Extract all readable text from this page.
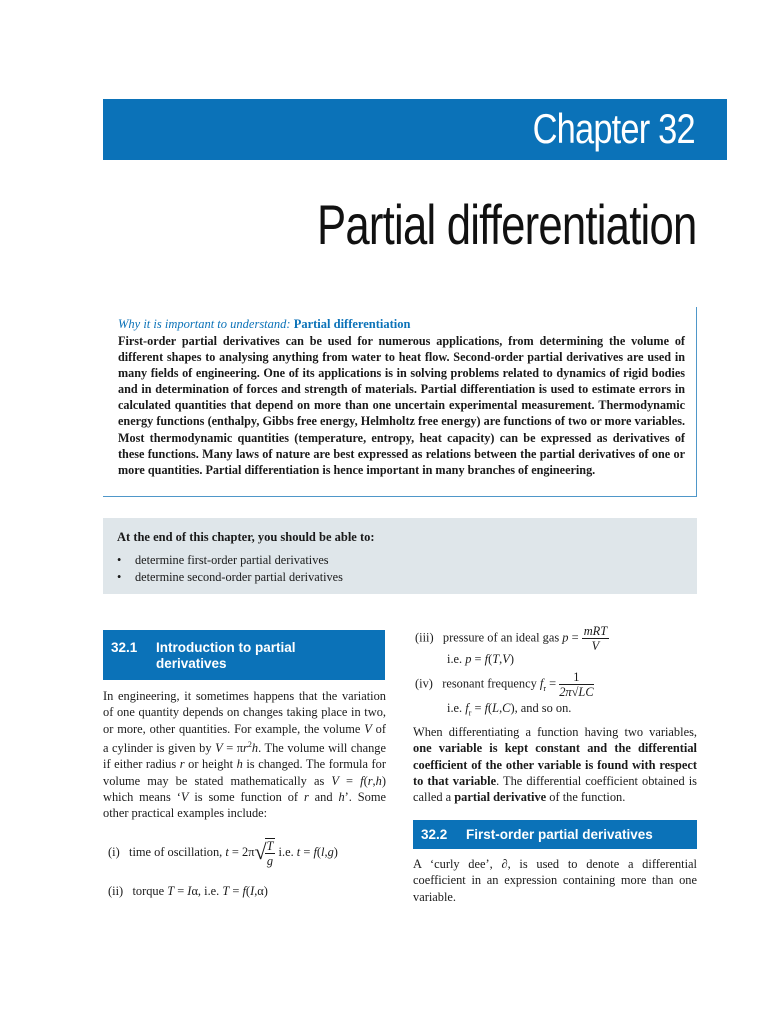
Chapter 32
Partial differentiation
Why it is important to understand: Partial differentiation
First-order partial derivatives can be used for numerous applications, from determining the volume of different shapes to analysing anything from water to heat flow. Second-order partial derivatives are used in many fields of engineering. One of its applications is in solving problems related to dynamics of rigid bodies and in determination of forces and strength of materials. Partial differentiation is used to estimate errors in calculated quantities that depend on more than one uncertain experimental measurement. Thermodynamic energy functions (enthalpy, Gibbs free energy, Helmholtz free energy) are functions of two or more variables. Most thermodynamic quantities (temperature, entropy, heat capacity) can be expressed as derivatives of these functions. Many laws of nature are best expressed as relations between the partial derivatives of one or more quantities. Partial differentiation is hence important in many branches of engineering.
At the end of this chapter, you should be able to:
• determine first-order partial derivatives
• determine second-order partial derivatives
32.1 Introduction to partial
derivatives
In engineering, it sometimes happens that the variation of one quantity depends on changes taking place in two, or more, other quantities. For example, the volume V of a cylinder is given by $V = \pi r^2h$. The volume will change if either radius r or height h is changed. The formula for volume may be stated mathematically as V = f(r,h) which means ‘V is some function of r and h’. Some other practical examples include:
(i) time of oscillation, t = 2π√
$\frac{T}{g} i.e$. t = f(l,g)
(ii) torque T = Iα, i.e. T = f(I,α)
(iii) pressure of an ideal gas $p = \frac{\text{mRT}}{V}$
i.e. p = f(T,V)
(iv) resonant frequency $f_r = \frac{1}{2\pi√LC}$
i.e. $f_r = f(L,C)$, and so on.
When differentiating a function having two variables, one variable is kept constant and the differential coefficient of the other variable is found with respect to that variable. The differential coefficient obtained is called a partial derivative of the function.
32.2 First-order partial derivatives
A ‘curly dee’, ∂, is used to denote a differential coefficient in an expression containing more than one variable.
